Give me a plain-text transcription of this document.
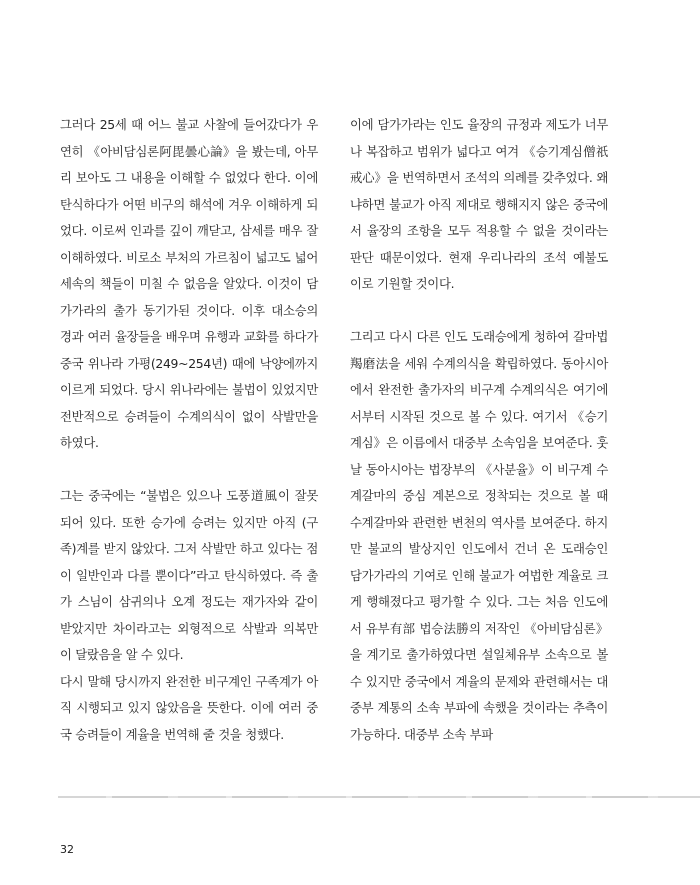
그러다 25세 때 어느 불교 사찰에 들어갔다가 우연히 《아비담심론阿毘曇心論》을 봤는데, 아무리 보아도 그 내용을 이해할 수 없었다 한다. 이에 탄식하다가 어떤 비구의 해석에 겨우 이해하게 되었다. 이로써 인과를 깊이 깨닫고, 삼세를 매우 잘 이해하였다. 비로소 부처의 가르침이 넓고도 넓어 세속의 책들이 미칠 수 없음을 알았다. 이것이 담가가라의 출가 동기가된 것이다. 이후 대소승의 경과 여러 율장들을 배우며 유행과 교화를 하다가 중국 위나라 가평(249~254년) 때에 낙양에까지 이르게 되었다. 당시 위나라에는 불법이 있었지만 전반적으로 승려들이 수계의식이 없이 삭발만을 하였다.

그는 중국에는 “불법은 있으나 도풍道風이 잘못되어 있다. 또한 승가에 승려는 있지만 아직 (구족)계를 받지 않았다. 그저 삭발만 하고 있다는 점이 일반인과 다를 뿐이다”라고 탄식하였다. 즉 출가 스님이 삼귀의나 오계 정도는 재가자와 같이 받았지만 차이라고는 외형적으로 삭발과 의복만이 달랐음을 알 수 있다.

다시 말해 당시까지 완전한 비구계인 구족계가 아직 시행되고 있지 않았음을 뜻한다. 이에 여러 중국 승려들이 계율을 번역해 줄 것을 청했다.

이에 담가가라는 인도 율장의 규정과 제도가 너무나 복잡하고 범위가 넓다고 여겨 《승기계심僧祇戒心》을 번역하면서 조석의 의례를 갖추었다. 왜냐하면 불교가 아직 제대로 행해지지 않은 중국에서 율장의 조항을 모두 적용할 수 없을 것이라는 판단 때문이었다. 현재 우리나라의 조석 예불도 이로 기원할 것이다.

그리고 다시 다른 인도 도래승에게 청하여 갈마법羯磨法을 세워 수계의식을 확립하였다. 동아시아에서 완전한 출가자의 비구계 수계의식은 여기에서부터 시작된 것으로 볼 수 있다. 여기서 《승기계심》은 이름에서 대중부 소속임을 보여준다. 훗날 동아시아는 법장부의 《사분율》이 비구계 수계갈마의 중심 계본으로 정착되는 것으로 볼 때 수계갈마와 관련한 변천의 역사를 보여준다. 하지만 불교의 발상지인 인도에서 건너 온 도래승인 담가가라의 기여로 인해 불교가 여법한 계율로 크게 행해졌다고 평가할 수 있다. 그는 처음 인도에서 유부有部 법승法勝의 저작인 《아비담심론》을 계기로 출가하였다면 설일체유부 소속으로 볼 수 있지만 중국에서 계율의 문제와 관련해서는 대중부 계통의 소속 부파에 속했을 것이라는 추측이 가능하다. 대중부 소속 부파

32
